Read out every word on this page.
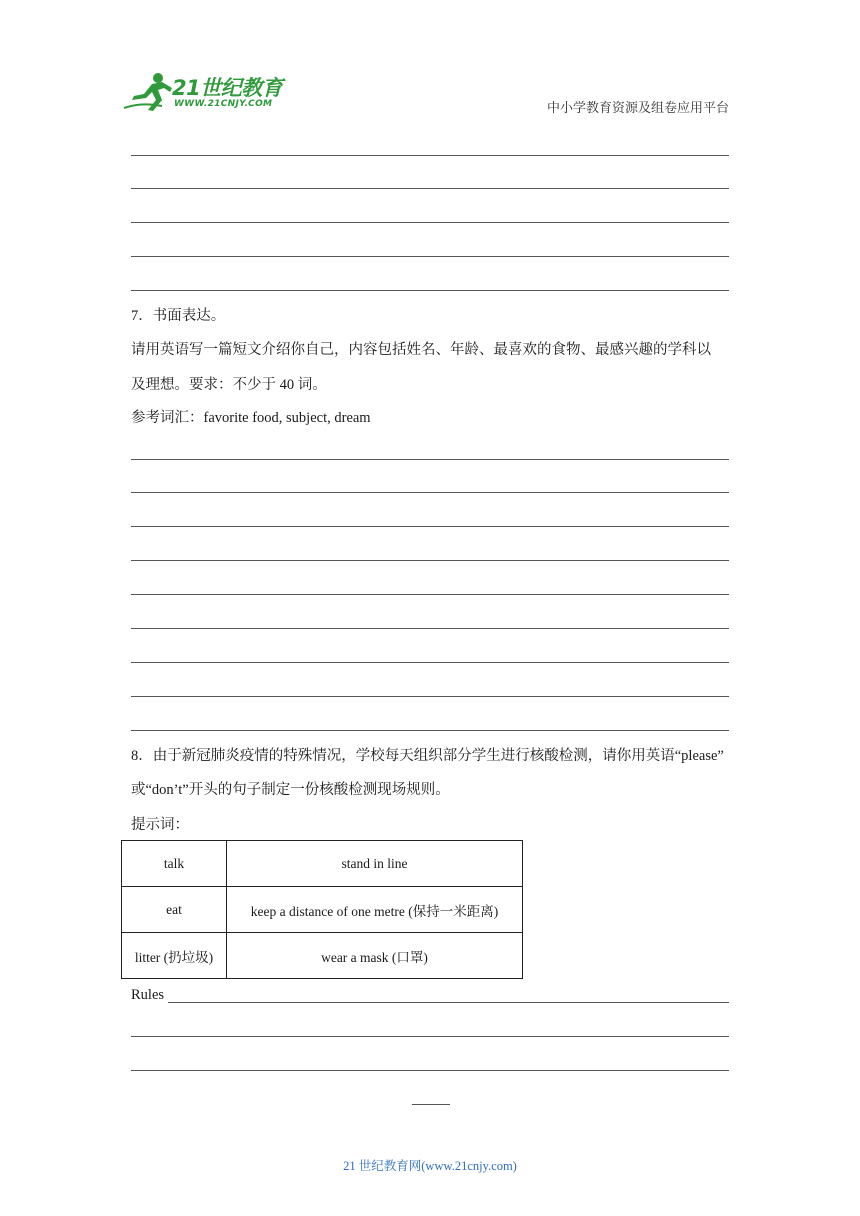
21世纪教育
WWW.21CNJY.COM	中小学教育资源及组卷应用平台
7．书面表达。
请用英语写一篇短文介绍你自己，内容包括姓名、年龄、最喜欢的食物、最感兴趣的学科以
及理想。要求：不少于 40 词。
参考词汇：favorite food, subject, dream
8．由于新冠肺炎疫情的特殊情况，学校每天组织部分学生进行核酸检测，请你用英语“please”
或“don’t”开头的句子制定一份核酸检测现场规则。
提示词：
talk	stand in line
eat	keep a distance of one metre (保持一米距离)
litter (扔垃圾)	wear a mask (口罩)
Rules
21 世纪教育网(www.21cnjy.com)
